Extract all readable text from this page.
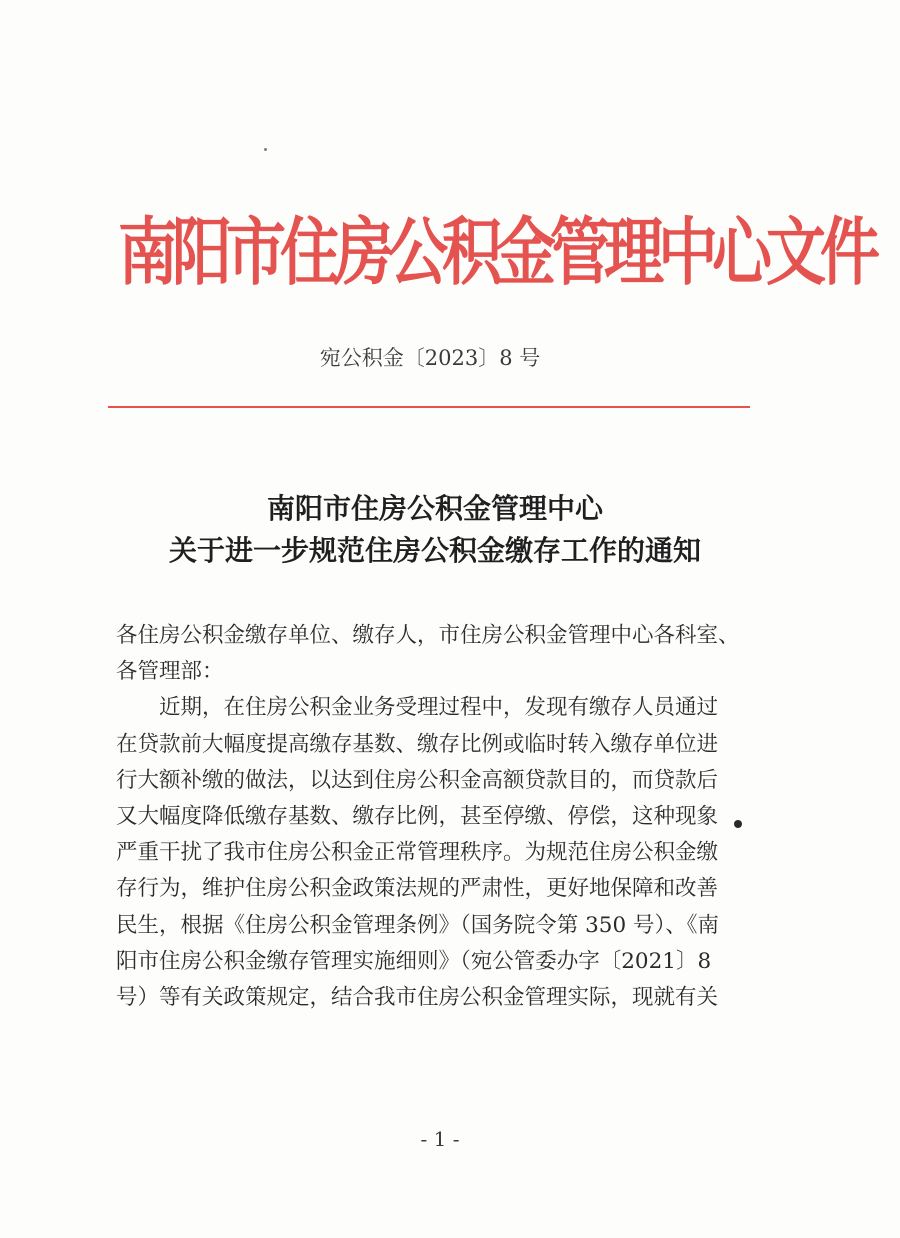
南阳市住房公积金管理中心文件
宛公积金〔2023〕8 号
南阳市住房公积金管理中心
关于进一步规范住房公积金缴存工作的通知
各住房公积金缴存单位、缴存人，市住房公积金管理中心各科室、
各管理部：
近期，在住房公积金业务受理过程中，发现有缴存人员通过
在贷款前大幅度提高缴存基数、缴存比例或临时转入缴存单位进
行大额补缴的做法，以达到住房公积金高额贷款目的，而贷款后
又大幅度降低缴存基数、缴存比例，甚至停缴、停偿，这种现象
严重干扰了我市住房公积金正常管理秩序。为规范住房公积金缴
存行为，维护住房公积金政策法规的严肃性，更好地保障和改善
民生，根据《住房公积金管理条例》（国务院令第 350 号）、《南
阳市住房公积金缴存管理实施细则》（宛公管委办字〔2021〕8
号）等有关政策规定，结合我市住房公积金管理实际，现就有关
- 1 -
